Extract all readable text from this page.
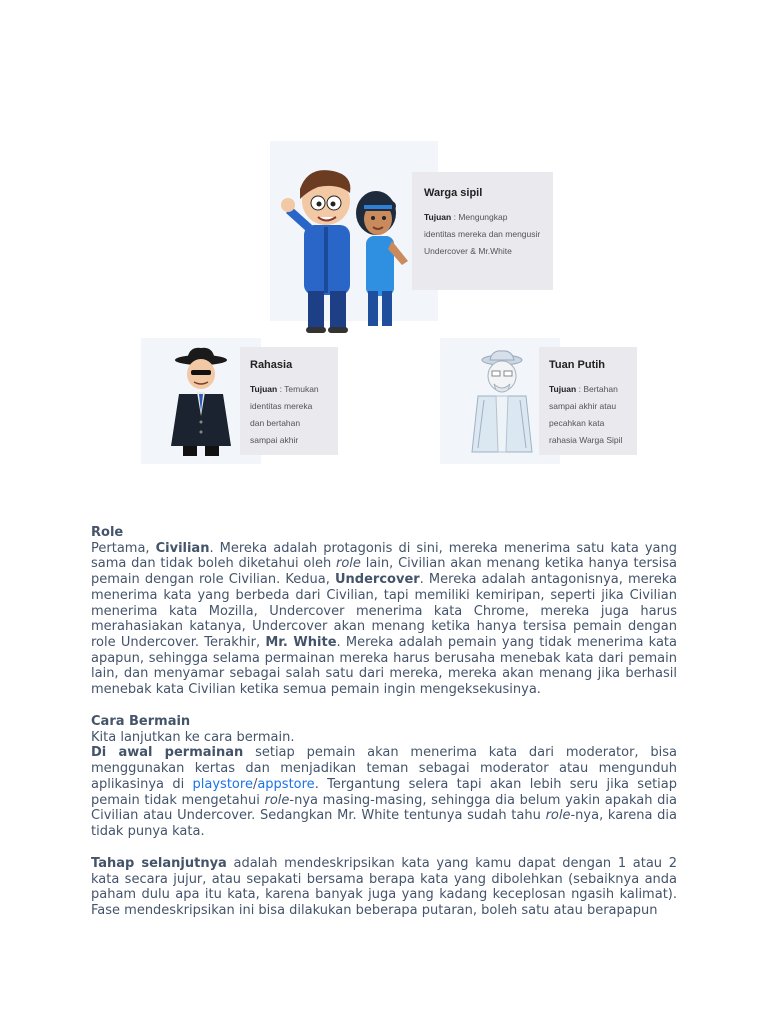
Warga sipil
Tujuan : Mengungkap identitas mereka dan mengusir Undercover & Mr.White
Rahasia
Tujuan : Temukan identitas mereka dan bertahan sampai akhir
Tuan Putih
Tujuan : Bertahan sampai akhir atau pecahkan kata rahasia Warga Sipil

Role

Pertama, Civilian. Mereka adalah protagonis di sini, mereka menerima satu kata yang sama dan tidak boleh diketahui oleh role lain, Civilian akan menang ketika hanya tersisa pemain dengan role Civilian. Kedua, Undercover. Mereka adalah antagonisnya, mereka menerima kata yang berbeda dari Civilian, tapi memiliki kemiripan, seperti jika Civilian menerima kata Mozilla, Undercover menerima kata Chrome, mereka juga harus merahasiakan katanya, Undercover akan menang ketika hanya tersisa pemain dengan role Undercover. Terakhir, Mr. White. Mereka adalah pemain yang tidak menerima kata apapun, sehingga selama permainan mereka harus berusaha menebak kata dari pemain lain, dan menyamar sebagai salah satu dari mereka, mereka akan menang jika berhasil menebak kata Civilian ketika semua pemain ingin mengeksekusinya.

Cara Bermain

Kita lanjutkan ke cara bermain.

Di awal permainan setiap pemain akan menerima kata dari moderator, bisa menggunakan kertas dan menjadikan teman sebagai moderator atau mengunduh aplikasinya di playstore/appstore. Tergantung selera tapi akan lebih seru jika setiap pemain tidak mengetahui role-nya masing-masing, sehingga dia belum yakin apakah dia Civilian atau Undercover. Sedangkan Mr. White tentunya sudah tahu role-nya, karena dia tidak punya kata.

Tahap selanjutnya adalah mendeskripsikan kata yang kamu dapat dengan 1 atau 2 kata secara jujur, atau sepakati bersama berapa kata yang dibolehkan (sebaiknya anda paham dulu apa itu kata, karena banyak juga yang kadang keceplosan ngasih kalimat). Fase mendeskripsikan ini bisa dilakukan beberapa putaran, boleh satu atau berapapun
